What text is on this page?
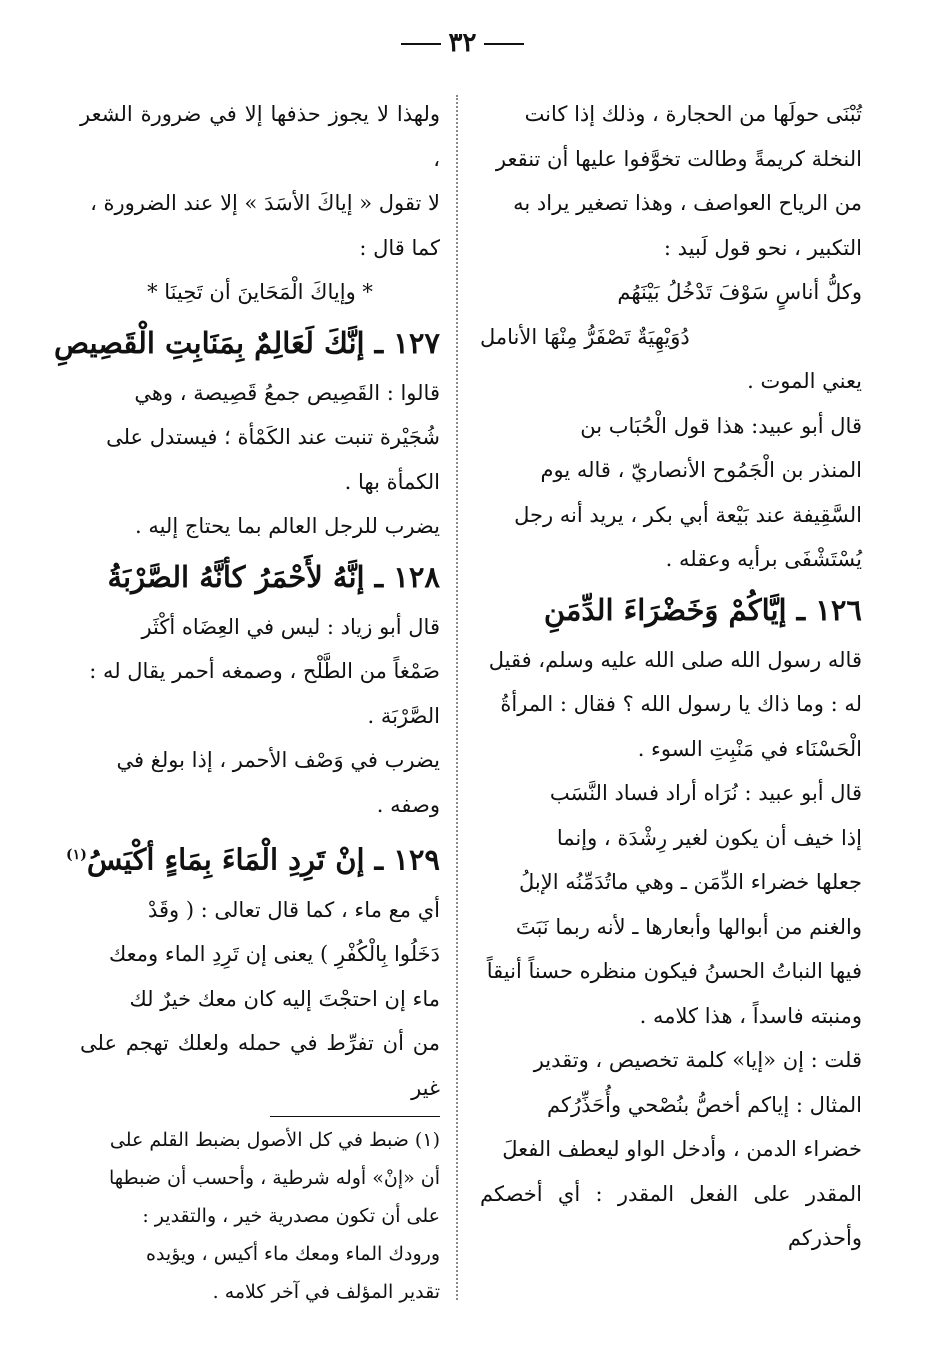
٣٢

تُبْنَى حولَها من الحجارة ، وذلك إذا كانت

النخلة كريمةً وطالت تخوَّفوا عليها أن تنقعر

من الرياح العواصف ، وهذا تصغير يراد به

التكبير ، نحو قول لَبيد :

وكلُّ أناسٍ سَوْفَ تَدْخُلُ بَيْنَهُم

دُوَيْهِيَةٌ تَصْفَرُّ مِنْهَا الأنامل

يعني الموت .

قال أبو عبيد: هذا قول الْحُبَاب بن

المنذر بن الْجَمُوح الأنصاريّ ، قاله يوم

السَّقِيفة عند بَيْعة أبي بكر ، يريد أنه رجل

يُسْتَشْفَى برأيه وعقله .

١٢٦ ـ إيَّاكُمْ وَخَضْرَاءَ الدِّمَنِ

قاله رسول الله صلى الله عليه وسلم، فقيل

له : وما ذاك يا رسول الله ؟ فقال : المرأةُ

الْحَسْنَاء في مَنْبِتِ السوء .

قال أبو عبيد : نُرَاه أراد فساد النَّسَب

إذا خيف أن يكون لغير رِشْدَة ، وإنما

جعلها خضراء الدِّمَن ـ وهي ماتُدَمِّنُه الإبلُ

والغنم من أبوالها وأبعارها ـ لأنه ربما نَبَتَ

فيها النباتُ الحسنُ فيكون منظره حسناً أنيقاً

ومنبته فاسداً ، هذا كلامه .

قلت : إن «إيا» كلمة تخصيص ، وتقدير

المثال : إياكم أخصُّ بنُصْحي وأُحَذِّرُكم

خضراء الدمن ، وأدخل الواو ليعطف الفعلَ

المقدر على الفعل المقدر : أي أخصكم وأحذركم

ولهذا لا يجوز حذفها إلا في ضرورة الشعر ،

لا تقول « إياكَ الأسَدَ » إلا عند الضرورة ،

كما قال :

* وإياكَ الْمَحَاينَ أن تَحِينَا *

١٢٧ ـ إنَّكَ لَعَالِمٌ بِمَنَابِتِ الْقَصِيصِ

قالوا : القَصِيص جمعُ قَصِيصة ، وهي

شُجَيْرة تنبت عند الكَمْأة ؛ فيستدل على

الكمأة بها .

يضرب للرجل العالم بما يحتاج إليه .

١٢٨ ـ إنَّهُ لأَحْمَرُ كأنَّهُ الصَّرْبَةُ

قال أبو زياد : ليس في العِضَاه أكْثَر

صَمْغاً من الطَّلْح ، وصمغه أحمر يقال له :

الصَّرْبَة .

يضرب في وَصْف الأحمر ، إذا بولغ في

وصفه .

١٢٩ ـ إنْ تَرِدِ الْمَاءَ بِمَاءٍ أكْيَسُ$^{(١)}$

أي مع ماء ، كما قال تعالى : ( وقَدْ

دَخَلُوا بِالْكُفْرِ ) يعنى إن تَرِدِ الماء ومعك

ماء إن احتجْتَ إليه كان معك خيرٌ لك

من أن تفرِّط في حمله ولعلك تهجم على غير

(١) ضبط في كل الأصول بضبط القلم على

أن «إنْ» أوله شرطية ، وأحسب أن ضبطها

على أن تكون مصدرية خير ، والتقدير :

ورودك الماء ومعك ماء أكيس ، ويؤيده

تقدير المؤلف في آخر كلامه .
